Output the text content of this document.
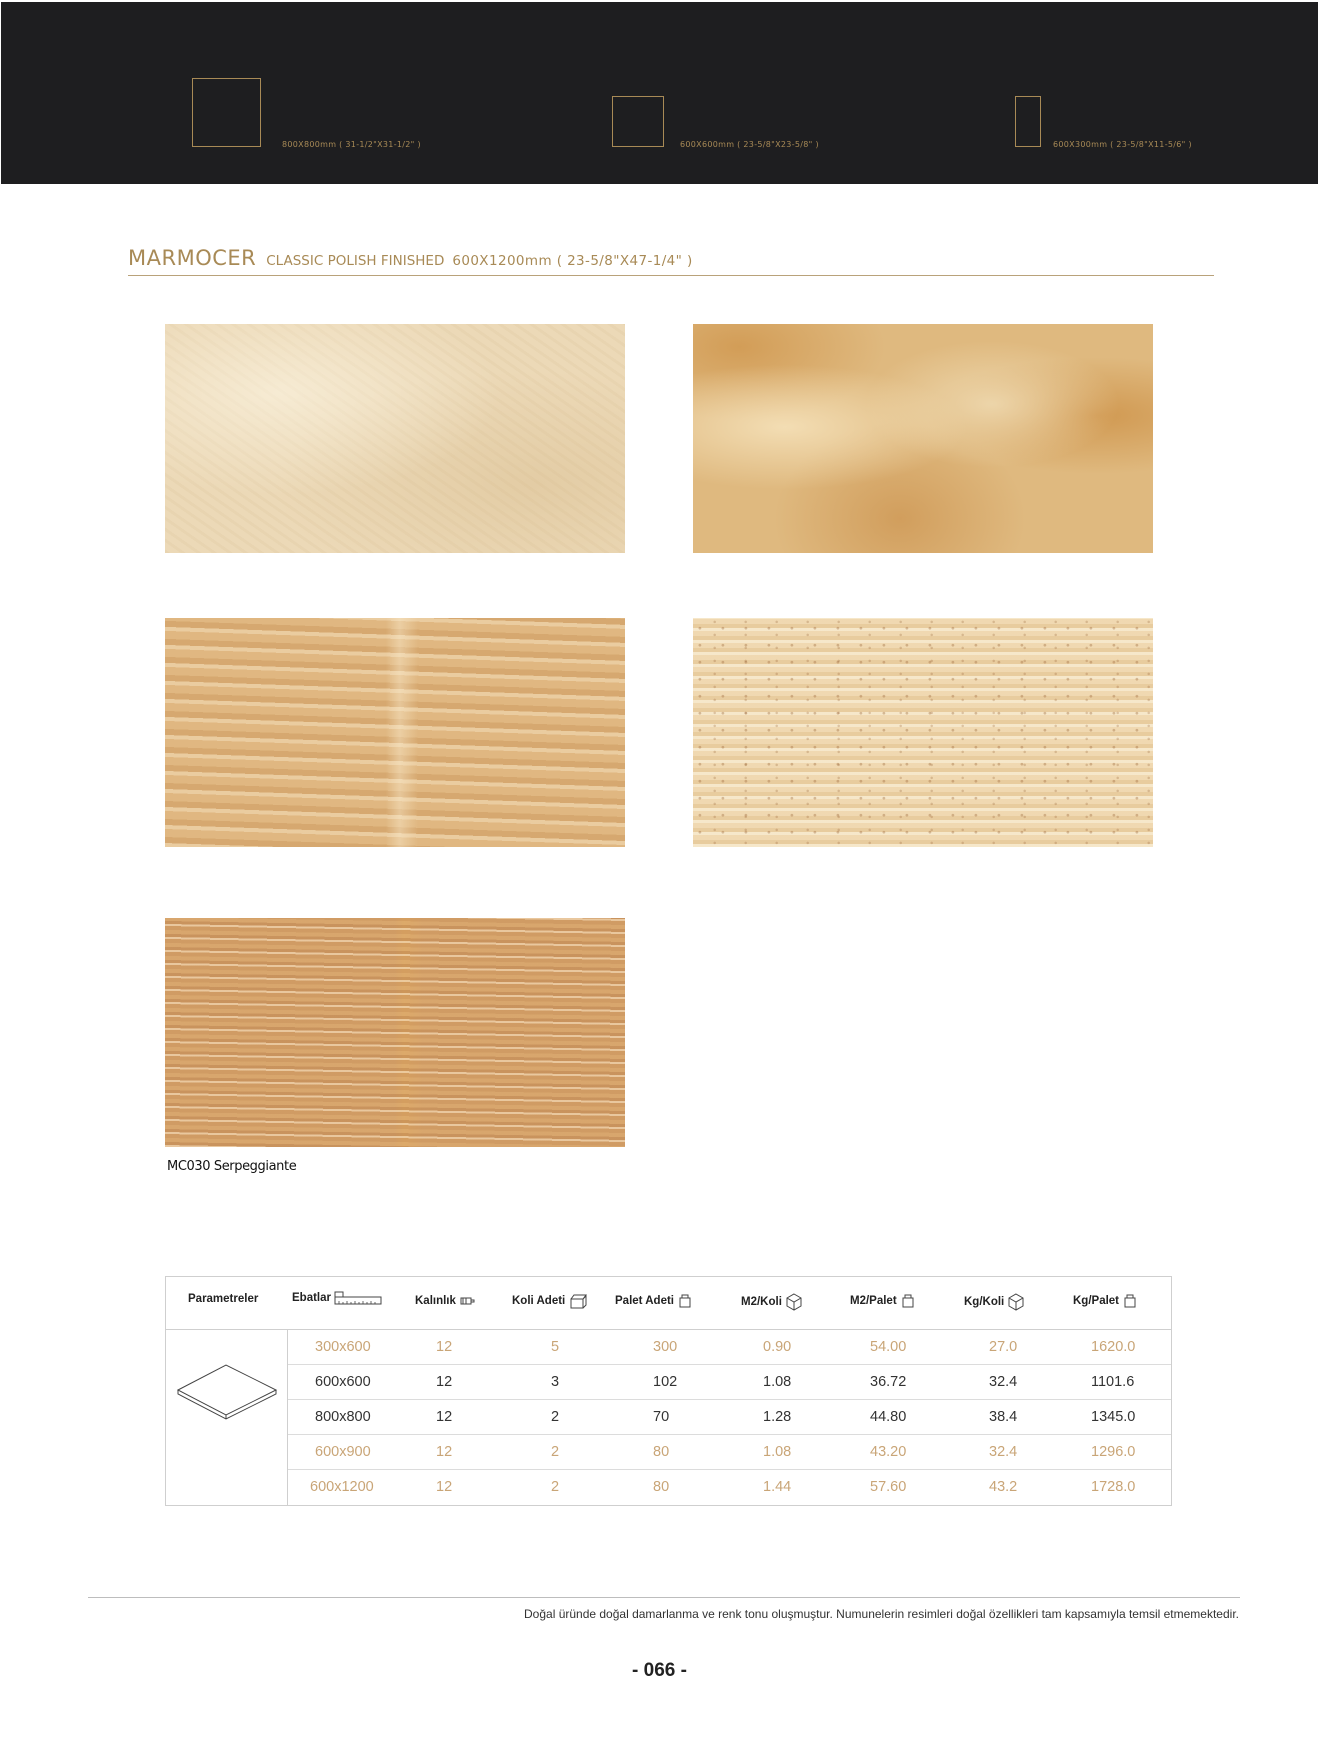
800X800mm ( 31-1/2"X31-1/2" )	600X600mm ( 23-5/8"X23-5/8" )	600X300mm ( 23-5/8"X11-5/6" )
MARMOCER CLASSIC POLISH FINISHED 600X1200mm ( 23-5/8"X47-1/4" )
MC030 Serpeggiante
Parametreler	Ebatlar	Kalınlık	Koli Adeti	Palet Adeti	M2/Koli	M2/Palet	Kg/Koli	Kg/Palet
300x600	12	5	300	0.90	54.00	27.0	1620.0
600x600	12	3	102	1.08	36.72	32.4	1101.6
800x800	12	2	70	1.28	44.80	38.4	1345.0
600x900	12	2	80	1.08	43.20	32.4	1296.0
600x1200	12	2	80	1.44	57.60	43.2	1728.0
Doğal üründe doğal damarlanma ve renk tonu oluşmuştur. Numunelerin resimleri doğal özellikleri tam kapsamıyla temsil etmemektedir.
- 066 -
